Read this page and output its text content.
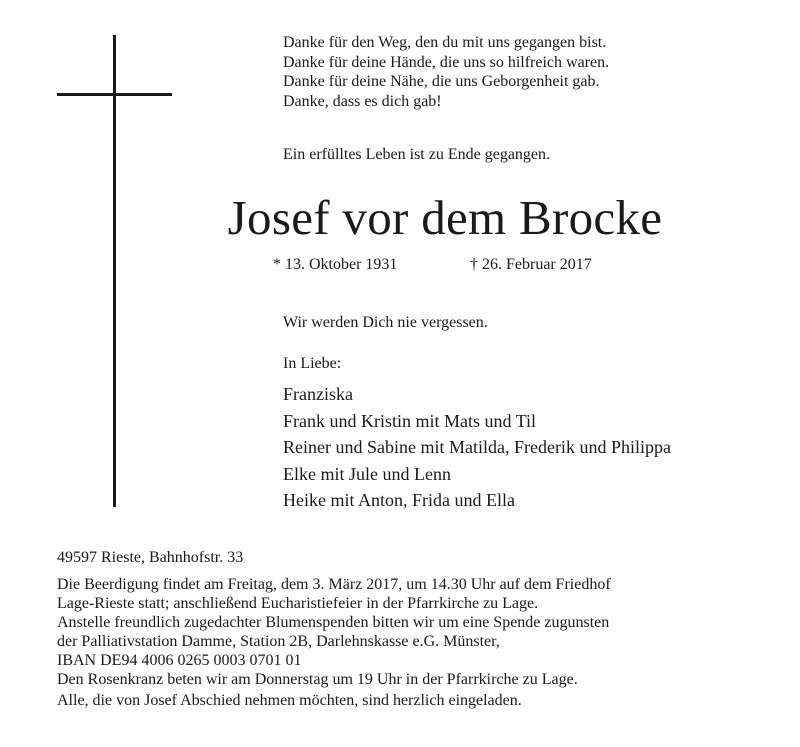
Danke für den Weg, den du mit uns gegangen bist.
Danke für deine Hände, die uns so hilfreich waren.
Danke für deine Nähe, die uns Geborgenheit gab.
Danke, dass es dich gab!
Ein erfülltes Leben ist zu Ende gegangen.
Josef vor dem Brocke
* 13. Oktober 1931	† 26. Februar 2017
Wir werden Dich nie vergessen.
In Liebe:
Franziska
Frank und Kristin mit Mats und Til
Reiner und Sabine mit Matilda, Frederik und Philippa
Elke mit Jule und Lenn
Heike mit Anton, Frida und Ella
49597 Rieste, Bahnhofstr. 33
Die Beerdigung findet am Freitag, dem 3. März 2017, um 14.30 Uhr auf dem Friedhof
Lage-Rieste statt; anschließend Eucharistiefeier in der Pfarrkirche zu Lage.
Anstelle freundlich zugedachter Blumenspenden bitten wir um eine Spende zugunsten
der Palliativstation Damme, Station 2B, Darlehnskasse e.G. Münster,
IBAN DE94 4006 0265 0003 0701 01
Den Rosenkranz beten wir am Donnerstag um 19 Uhr in der Pfarrkirche zu Lage.
Alle, die von Josef Abschied nehmen möchten, sind herzlich eingeladen.
